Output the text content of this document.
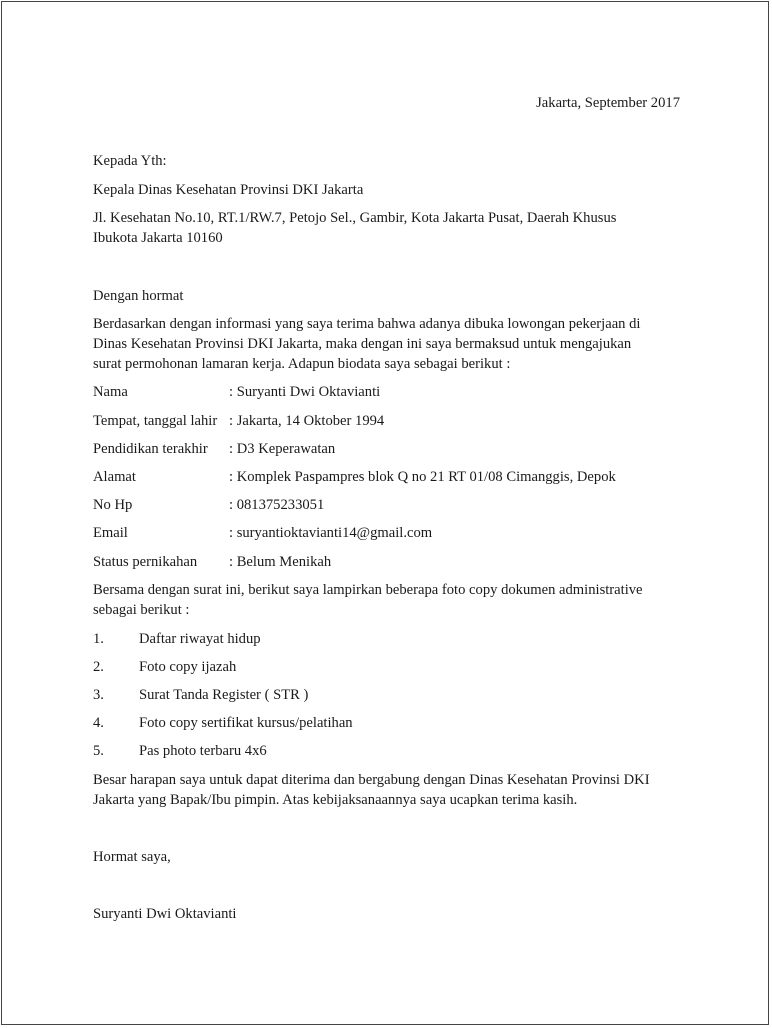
Jakarta, September 2017
Kepada Yth:
Kepala Dinas Kesehatan Provinsi DKI Jakarta
Jl. Kesehatan No.10, RT.1/RW.7, Petojo Sel., Gambir, Kota Jakarta Pusat, Daerah Khusus
Ibukota Jakarta 10160
Dengan hormat
Berdasarkan dengan informasi yang saya terima bahwa adanya dibuka lowongan pekerjaan di
Dinas Kesehatan Provinsi DKI Jakarta, maka dengan ini saya bermaksud untuk mengajukan
surat permohonan lamaran kerja. Adapun biodata saya sebagai berikut :
Nama	: Suryanti Dwi Oktavianti
Tempat, tanggal lahir : Jakarta, 14 Oktober 1994
Pendidikan terakhir : D3 Keperawatan
Alamat	: Komplek Paspampres blok Q no 21 RT 01/08 Cimanggis, Depok
No Hp	: 081375233051
Email	: suryantioktavianti14@gmail.com
Status pernikahan : Belum Menikah
Bersama dengan surat ini, berikut saya lampirkan beberapa foto copy dokumen administrative
sebagai berikut :
1. Daftar riwayat hidup
2. Foto copy ijazah
3. Surat Tanda Register ( STR )
4. Foto copy sertifikat kursus/pelatihan
5. Pas photo terbaru 4x6
Besar harapan saya untuk dapat diterima dan bergabung dengan Dinas Kesehatan Provinsi DKI
Jakarta yang Bapak/Ibu pimpin. Atas kebijaksanaannya saya ucapkan terima kasih.
Hormat saya,
Suryanti Dwi Oktavianti
